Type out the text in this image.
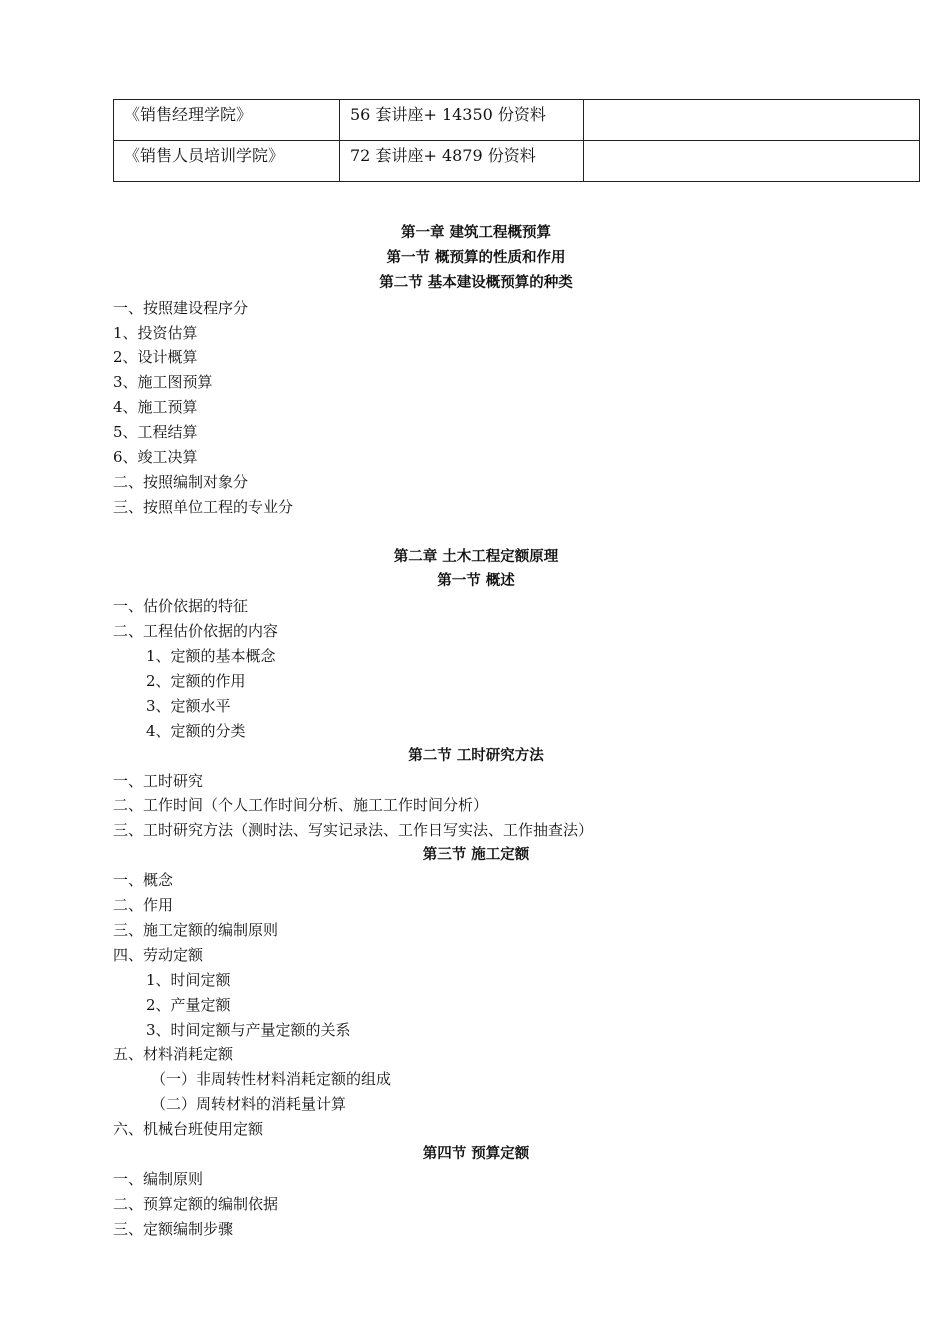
《销售经理学院》	56 套讲座+ 14350 份资料	
《销售人员培训学院》	72 套讲座+ 4879 份资料	
第一章 建筑工程概预算
第一节 概预算的性质和作用
第二节 基本建设概预算的种类
一、按照建设程序分
1、投资估算
2、设计概算
3、施工图预算
4、施工预算
5、工程结算
6、竣工决算
二、按照编制对象分
三、按照单位工程的专业分
第二章 土木工程定额原理
第一节 概述
一、估价依据的特征
二、工程估价依据的内容
1、定额的基本概念
2、定额的作用
3、定额水平
4、定额的分类
第二节 工时研究方法
一、工时研究
二、工作时间（个人工作时间分析、施工工作时间分析）
三、工时研究方法（测时法、写实记录法、工作日写实法、工作抽查法）
第三节 施工定额
一、概念
二、作用
三、施工定额的编制原则
四、劳动定额
1、时间定额
2、产量定额
3、时间定额与产量定额的关系
五、材料消耗定额
（一）非周转性材料消耗定额的组成
（二）周转材料的消耗量计算
六、机械台班使用定额
第四节 预算定额
一、编制原则
二、预算定额的编制依据
三、定额编制步骤
